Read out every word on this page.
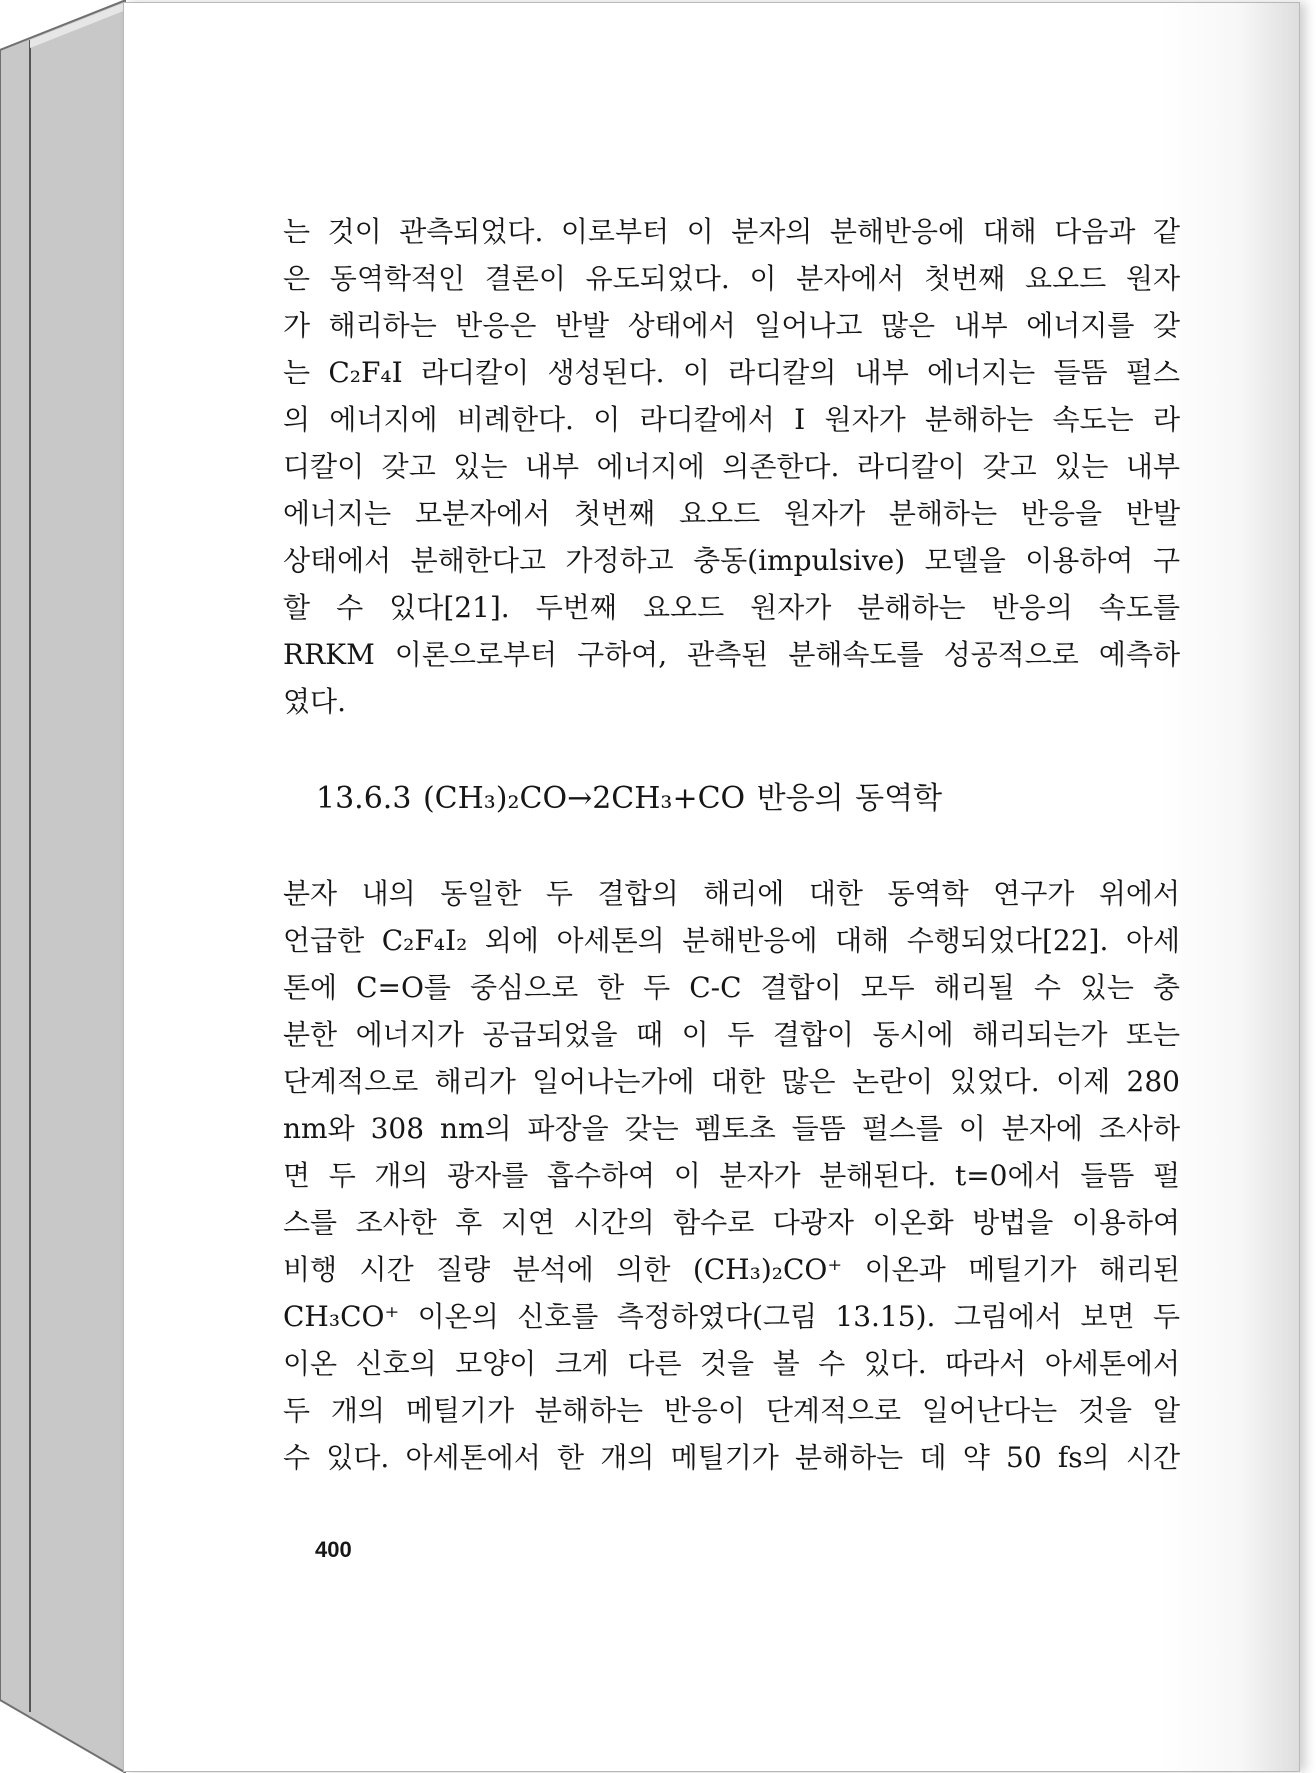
는 것이 관측되었다. 이로부터 이 분자의 분해반응에 대해 다음과 같
은 동역학적인 결론이 유도되었다. 이 분자에서 첫번째 요오드 원자
가 해리하는 반응은 반발 상태에서 일어나고 많은 내부 에너지를 갖
는 C₂F₄I 라디칼이 생성된다. 이 라디칼의 내부 에너지는 들뜸 펄스
의 에너지에 비례한다. 이 라디칼에서 I 원자가 분해하는 속도는 라
디칼이 갖고 있는 내부 에너지에 의존한다. 라디칼이 갖고 있는 내부
에너지는 모분자에서 첫번째 요오드 원자가 분해하는 반응을 반발
상태에서 분해한다고 가정하고 충동(impulsive) 모델을 이용하여 구
할 수 있다[21]. 두번째 요오드 원자가 분해하는 반응의 속도를
RRKM 이론으로부터 구하여, 관측된 분해속도를 성공적으로 예측하
였다.
13.6.3 (CH₃)₂CO→2CH₃+CO 반응의 동역학
분자 내의 동일한 두 결합의 해리에 대한 동역학 연구가 위에서
언급한 C₂F₄I₂ 외에 아세톤의 분해반응에 대해 수행되었다[22]. 아세
톤에 C=O를 중심으로 한 두 C-C 결합이 모두 해리될 수 있는 충
분한 에너지가 공급되었을 때 이 두 결합이 동시에 해리되는가 또는
단계적으로 해리가 일어나는가에 대한 많은 논란이 있었다. 이제 280
nm와 308 nm의 파장을 갖는 펨토초 들뜸 펄스를 이 분자에 조사하
면 두 개의 광자를 흡수하여 이 분자가 분해된다. t=0에서 들뜸 펄
스를 조사한 후 지연 시간의 함수로 다광자 이온화 방법을 이용하여
비행 시간 질량 분석에 의한 (CH₃)₂CO⁺ 이온과 메틸기가 해리된
CH₃CO⁺ 이온의 신호를 측정하였다(그림 13.15). 그림에서 보면 두
이온 신호의 모양이 크게 다른 것을 볼 수 있다. 따라서 아세톤에서
두 개의 메틸기가 분해하는 반응이 단계적으로 일어난다는 것을 알
수 있다. 아세톤에서 한 개의 메틸기가 분해하는 데 약 50 fs의 시간
400
